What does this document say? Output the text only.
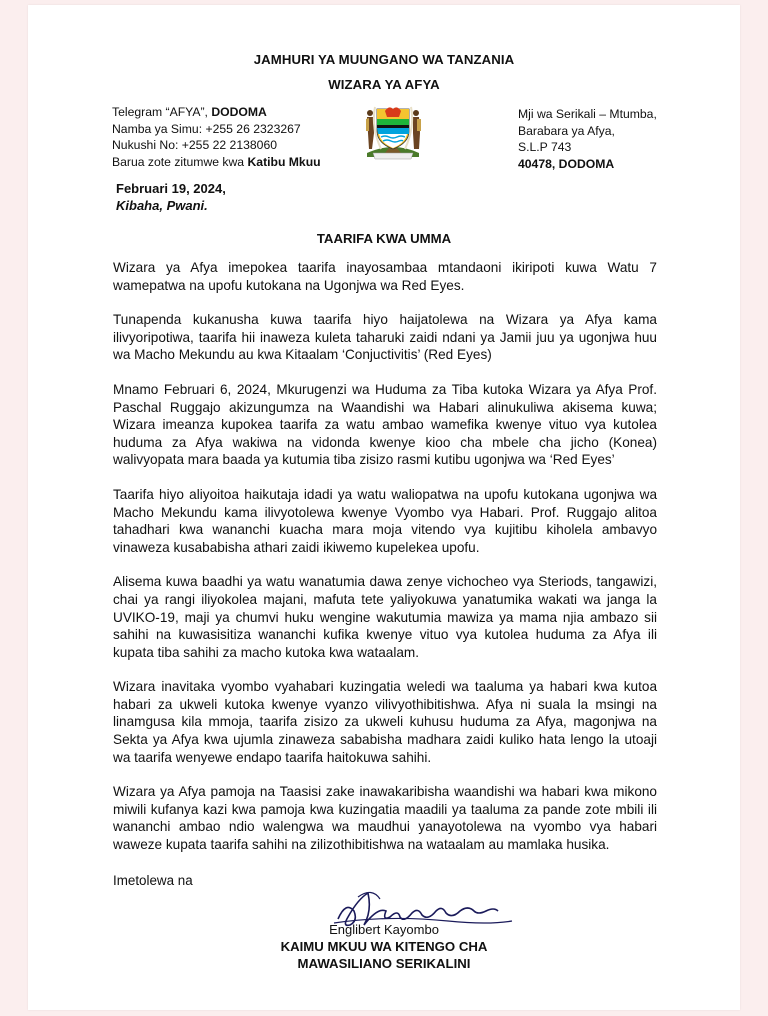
JAMHURI YA MUUNGANO WA TANZANIA
WIZARA YA AFYA
Telegram “AFYA”, DODOMA
Namba ya Simu: +255 26 2323267
Nukushi No: +255 22 2138060
Barua zote zitumwe kwa Katibu Mkuu
Mji wa Serikali – Mtumba,
Barabara ya Afya,
S.L.P 743
40478, DODOMA
Februari 19, 2024,
Kibaha, Pwani.
TAARIFA KWA UMMA

Wizara ya Afya imepokea taarifa inayosambaa mtandaoni ikiripoti kuwa Watu 7 wamepatwa na upofu kutokana na Ugonjwa wa Red Eyes.

Tunapenda kukanusha kuwa taarifa hiyo haijatolewa na Wizara ya Afya kama ilivyoripotiwa, taarifa hii inaweza kuleta taharuki zaidi ndani ya Jamii juu ya ugonjwa huu wa Macho Mekundu au kwa Kitaalam ‘Conjuctivitis’ (Red Eyes)

Mnamo Februari 6, 2024, Mkurugenzi wa Huduma za Tiba kutoka Wizara ya Afya Prof. Paschal Ruggajo akizungumza na Waandishi wa Habari alinukuliwa akisema kuwa; Wizara imeanza kupokea taarifa za watu ambao wamefika kwenye vituo vya kutolea huduma za Afya wakiwa na vidonda kwenye kioo cha mbele cha jicho (Konea) walivyopata mara baada ya kutumia tiba zisizo rasmi kutibu ugonjwa wa ‘Red Eyes’

Taarifa hiyo aliyoitoa haikutaja idadi ya watu waliopatwa na upofu kutokana ugonjwa wa Macho Mekundu kama ilivyotolewa kwenye Vyombo vya Habari. Prof. Ruggajo alitoa tahadhari kwa wananchi kuacha mara moja vitendo vya kujitibu kiholela ambavyo vinaweza kusababisha athari zaidi ikiwemo kupelekea upofu.

Alisema kuwa baadhi ya watu wanatumia dawa zenye vichocheo vya Steriods, tangawizi, chai ya rangi iliyokolea majani, mafuta tete yaliyokuwa yanatumika wakati wa janga la UVIKO-19, maji ya chumvi huku wengine wakutumia mawiza ya mama njia ambazo sii sahihi na kuwasisitiza wananchi kufika kwenye vituo vya kutolea huduma za Afya ili kupata tiba sahihi za macho kutoka kwa wataalam.

Wizara inavitaka vyombo vyahabari kuzingatia weledi wa taaluma ya habari kwa kutoa habari za ukweli kutoka kwenye vyanzo vilivyothibitishwa. Afya ni suala la msingi na linamgusa kila mmoja, taarifa zisizo za ukweli kuhusu huduma za Afya, magonjwa na Sekta ya Afya kwa ujumla zinaweza sababisha madhara zaidi kuliko hata lengo la utoaji wa taarifa wenyewe endapo taarifa haitokuwa sahihi.

Wizara ya Afya pamoja na Taasisi zake inawakaribisha waandishi wa habari kwa mikono miwili kufanya kazi kwa pamoja kwa kuzingatia maadili ya taaluma za pande zote mbili ili wananchi ambao ndio walengwa wa maudhui yanayotolewa na vyombo vya habari waweze kupata taarifa sahihi na zilizothibitishwa na wataalam au mamlaka husika.

Imetolewa na
Englibert Kayombo
KAIMU MKUU WA KITENGO CHA
MAWASILIANO SERIKALINI
